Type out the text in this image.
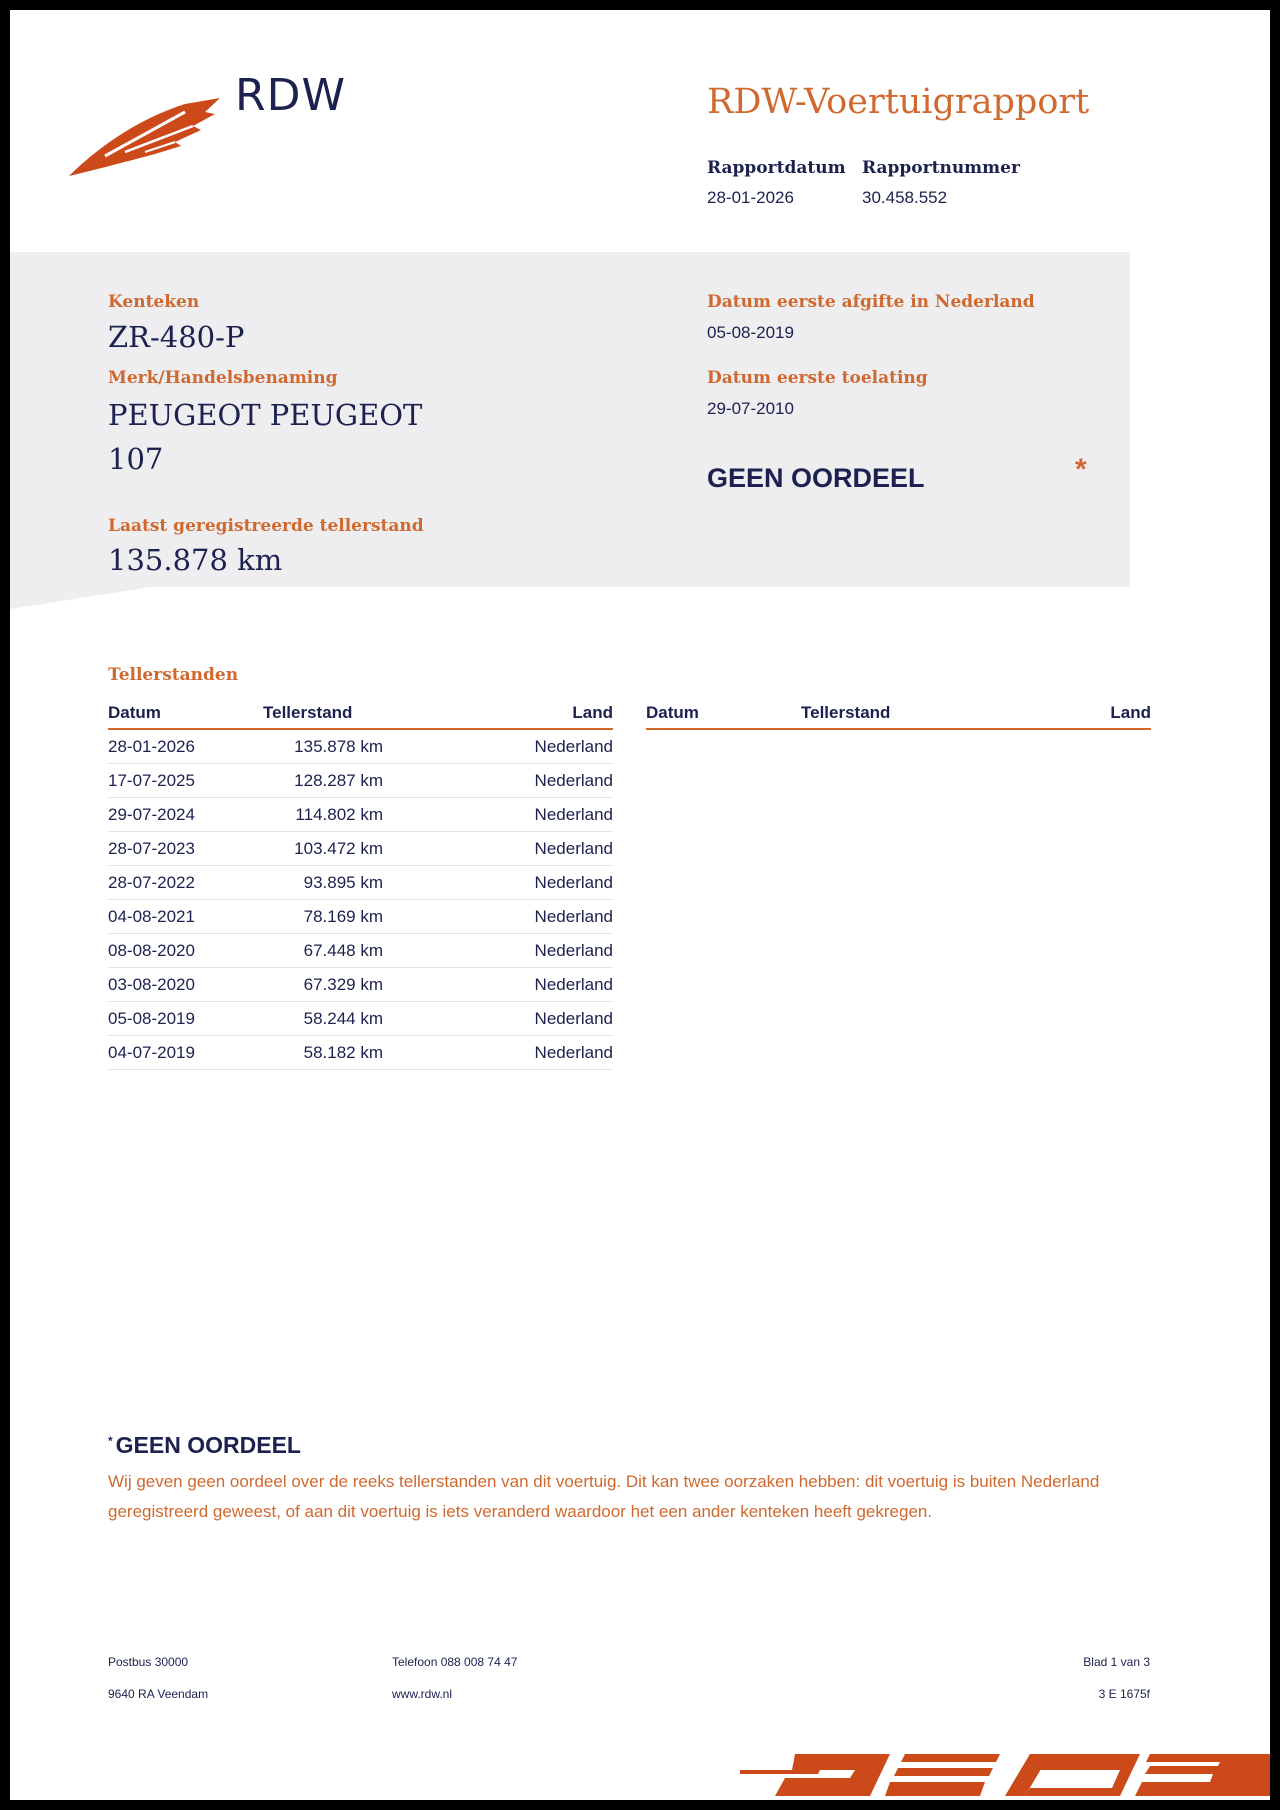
RDW	RDW-Voertuigrapport
Rapportdatum Rapportnummer
28-01-2026	30.458.552
Kenteken
ZR-480-P
Merk/Handelsbenaming
PEUGEOT PEUGEOT
107
Laatst geregistreerde tellerstand
135.878 km
Datum eerste afgifte in Nederland
05-08-2019
Datum eerste toelating
29-07-2010
GEEN OORDEEL	*
Tellerstanden
Datum	Tellerstand	Land
28-01-2026	135.878 km	Nederland
17-07-2025	128.287 km	Nederland
29-07-2024	114.802 km	Nederland
28-07-2023	103.472 km	Nederland
28-07-2022	93.895 km	Nederland
04-08-2021	78.169 km	Nederland
08-08-2020	67.448 km	Nederland
03-08-2020	67.329 km	Nederland
05-08-2019	58.244 km	Nederland
04-07-2019	58.182 km	Nederland
Datum	Tellerstand	Land
* GEEN OORDEEL
Wij geven geen oordeel over de reeks tellerstanden van dit voertuig. Dit kan twee oorzaken hebben: dit voertuig is buiten Nederland geregistreerd geweest, of aan dit voertuig is iets veranderd waardoor het een ander kenteken heeft gekregen.
Postbus 30000
9640 RA Veendam
Telefoon 088 008 74 47
www.rdw.nl
Blad 1 van 3
3 E 1675f
